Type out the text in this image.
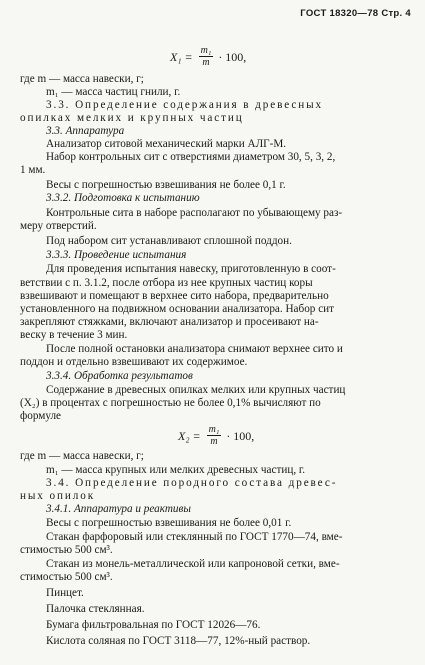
ГОСТ 18320—78 Стр. 4
$X_1 = \frac{\text{m₁}}{m} \cdot 100$,
где m — масса навески, г;
m₁ — масса частиц гнили, г.
3.3. Определение содержания в древесных
опилках мелких и крупных частиц
3.3. Аппаратура
Анализатор ситовой механический марки АЛГ-М.
Набор контрольных сит с отверстиями диаметром 30, 5, 3, 2,
1 мм.
Весы с погрешностью взвешивания не более 0,1 г.
3.3.2. Подготовка к испытанию
Контрольные сита в наборе располагают по убывающему раз-
меру отверстий.
Под набором сит устанавливают сплошной поддон.
3.3.3. Проведение испытания
Для проведения испытания навеску, приготовленную в соот-
ветствии с п. 3.1.2, после отбора из нее крупных частиц коры
взвешивают и помещают в верхнее сито набора, предварительно
установленного на подвижном основании анализатора. Набор сит
закрепляют стяжками, включают анализатор и просеивают на-
веску в течение 3 мин.
После полной остановки анализатора снимают верхнее сито и
поддон и отдельно взвешивают их содержимое.
3.3.4. Обработка результатов
Содержание в древесных опилках мелких или крупных частиц
(X₂) в процентах с погрешностью не более 0,1% вычисляют по
формуле
$X_2 = \frac{\text{m₁}}{m} \cdot 100$,
где m — масса навески, г;
m₁ — масса крупных или мелких древесных частиц, г.
3.4. Определение породного состава древес-
ных опилок
3.4.1. Аппаратура и реактивы
Весы с погрешностью взвешивания не более 0,01 г.
Стакан фарфоровый или стеклянный по ГОСТ 1770—74, вме-
стимостью 500 см³.
Стакан из монель-металлической или капроновой сетки, вме-
стимостью 500 см³.
Пинцет.
Палочка стеклянная.
Бумага фильтровальная по ГОСТ 12026—76.
Кислота соляная по ГОСТ 3118—77, 12%-ный раствор.
